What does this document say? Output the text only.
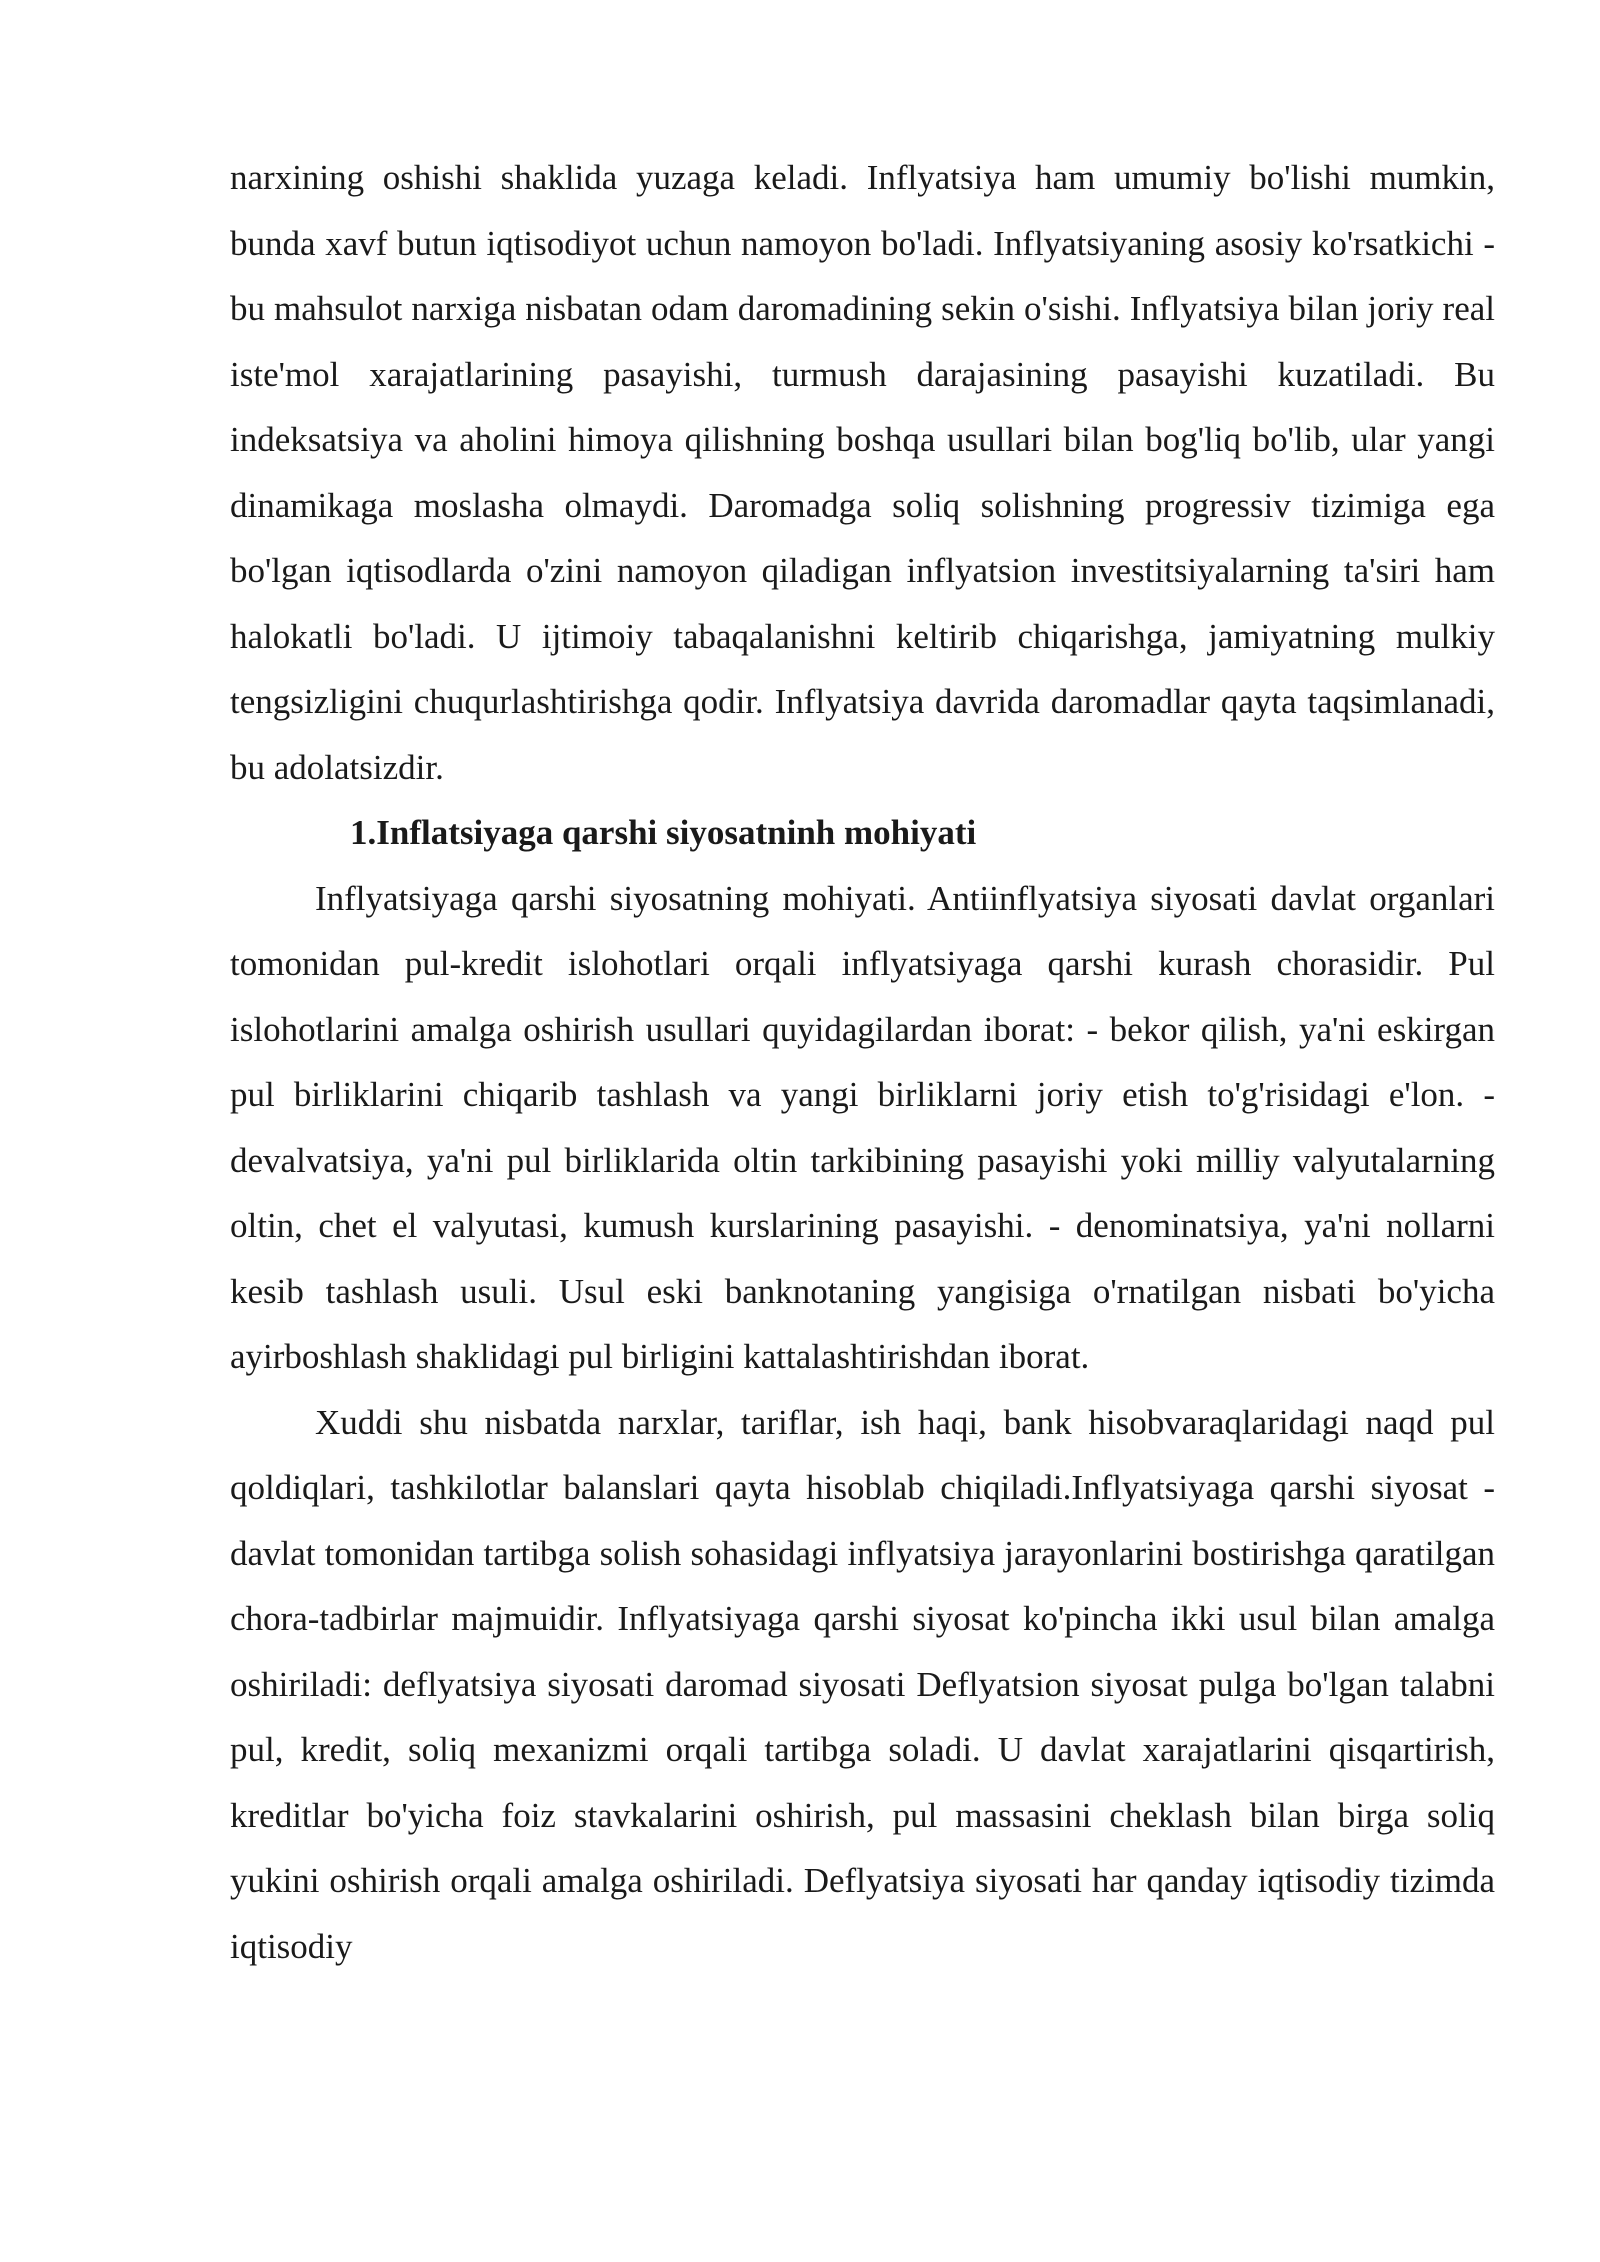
narxining oshishi shaklida yuzaga keladi. Inflyatsiya ham umumiy bo'lishi mumkin, bunda xavf butun iqtisodiyot uchun namoyon bo'ladi. Inflyatsiyaning asosiy ko'rsatkichi - bu mahsulot narxiga nisbatan odam daromadining sekin o'sishi. Inflyatsiya bilan joriy real iste'mol xarajatlarining pasayishi, turmush darajasining pasayishi kuzatiladi. Bu indeksatsiya va aholini himoya qilishning boshqa usullari bilan bog'liq bo'lib, ular yangi dinamikaga moslasha olmaydi. Daromadga soliq solishning progressiv tizimiga ega bo'lgan iqtisodlarda o'zini namoyon qiladigan inflyatsion investitsiyalarning ta'siri ham halokatli bo'ladi. U ijtimoiy tabaqalanishni keltirib chiqarishga, jamiyatning mulkiy tengsizligini chuqurlashtirishga qodir. Inflyatsiya davrida daromadlar qayta taqsimlanadi, bu adolatsizdir.

1.Inflatsiyaga qarshi siyosatninh mohiyati

Inflyatsiyaga qarshi siyosatning mohiyati. Antiinflyatsiya siyosati davlat organlari tomonidan pul-kredit islohotlari orqali inflyatsiyaga qarshi kurash chorasidir. Pul islohotlarini amalga oshirish usullari quyidagilardan iborat: - bekor qilish, ya'ni eskirgan pul birliklarini chiqarib tashlash va yangi birliklarni joriy etish to'g'risidagi e'lon. - devalvatsiya, ya'ni pul birliklarida oltin tarkibining pasayishi yoki milliy valyutalarning oltin, chet el valyutasi, kumush kurslarining pasayishi. - denominatsiya, ya'ni nollarni kesib tashlash usuli. Usul eski banknotaning yangisiga o'rnatilgan nisbati bo'yicha ayirboshlash shaklidagi pul birligini kattalashtirishdan iborat.

Xuddi shu nisbatda narxlar, tariflar, ish haqi, bank hisobvaraqlaridagi naqd pul qoldiqlari, tashkilotlar balanslari qayta hisoblab chiqiladi.Inflyatsiyaga qarshi siyosat - davlat tomonidan tartibga solish sohasidagi inflyatsiya jarayonlarini bostirishga qaratilgan chora-tadbirlar majmuidir. Inflyatsiyaga qarshi siyosat ko'pincha ikki usul bilan amalga oshiriladi: deflyatsiya siyosati daromad siyosati Deflyatsion siyosat pulga bo'lgan talabni pul, kredit, soliq mexanizmi orqali tartibga soladi. U davlat xarajatlarini qisqartirish, kreditlar bo'yicha foiz stavkalarini oshirish, pul massasini cheklash bilan birga soliq yukini oshirish orqali amalga oshiriladi. Deflyatsiya siyosati har qanday iqtisodiy tizimda iqtisodiy
